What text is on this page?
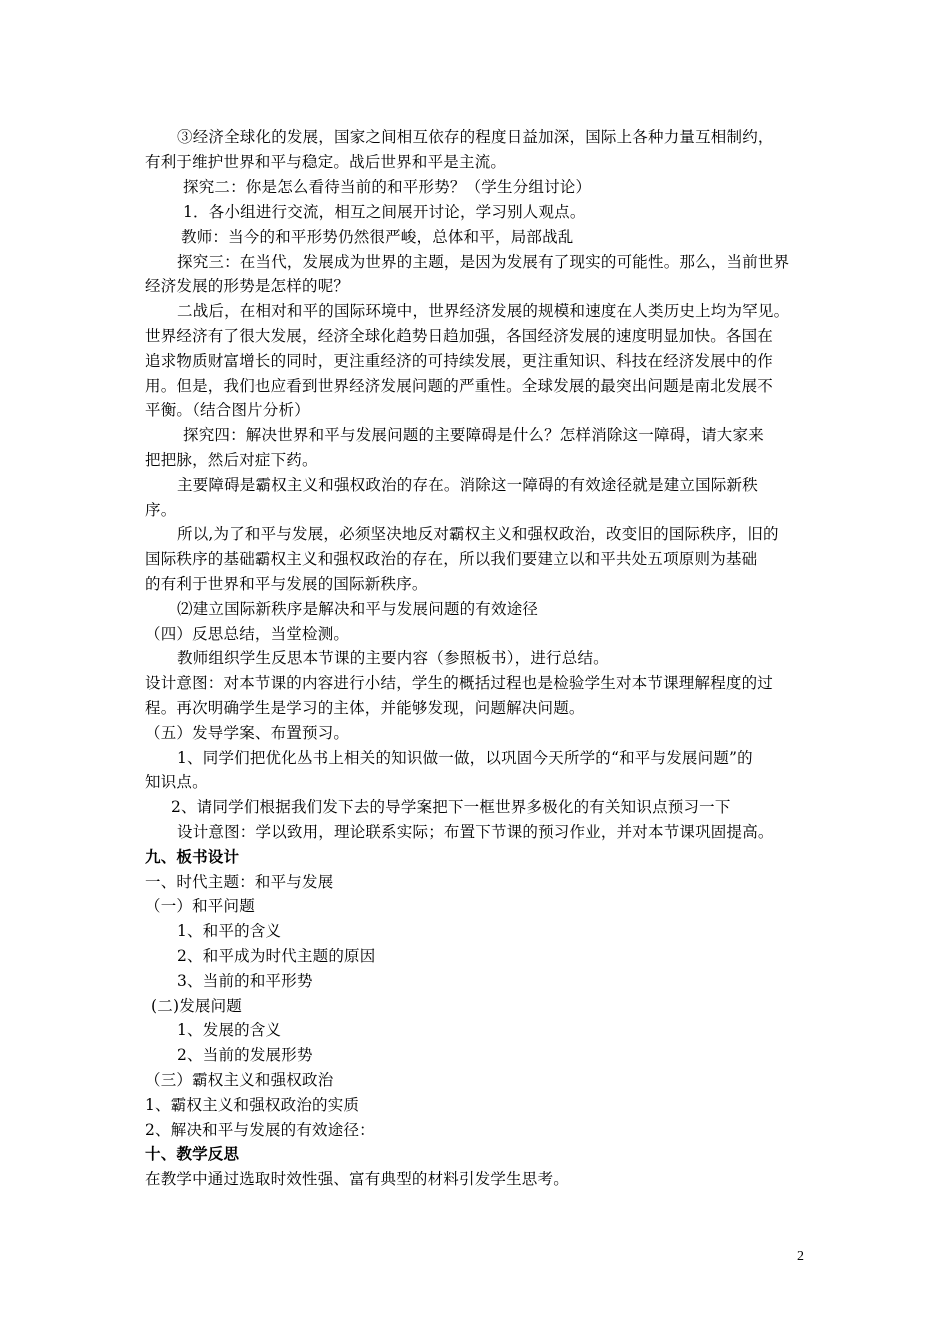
③经济全球化的发展，国家之间相互依存的程度日益加深，国际上各种力量互相制约，
有利于维护世界和平与稳定。战后世界和平是主流。
探究二：你是怎么看待当前的和平形势？（学生分组讨论）
1．各小组进行交流，相互之间展开讨论，学习别人观点。
教师：当今的和平形势仍然很严峻，总体和平，局部战乱
探究三：在当代，发展成为世界的主题，是因为发展有了现实的可能性。那么，当前世界
经济发展的形势是怎样的呢？
二战后，在相对和平的国际环境中，世界经济发展的规模和速度在人类历史上均为罕见。
世界经济有了很大发展，经济全球化趋势日趋加强，各国经济发展的速度明显加快。各国在
追求物质财富增长的同时，更注重经济的可持续发展，更注重知识、科技在经济发展中的作
用。但是，我们也应看到世界经济发展问题的严重性。全球发展的最突出问题是南北发展不
平衡。（结合图片分析）
探究四：解决世界和平与发展问题的主要障碍是什么？怎样消除这一障碍，请大家来
把把脉，然后对症下药。
主要障碍是霸权主义和强权政治的存在。消除这一障碍的有效途径就是建立国际新秩
序。
所以,为了和平与发展，必须坚决地反对霸权主义和强权政治，改变旧的国际秩序，旧的
国际秩序的基础霸权主义和强权政治的存在，所以我们要建立以和平共处五项原则为基础
的有利于世界和平与发展的国际新秩序。
⑵建立国际新秩序是解决和平与发展问题的有效途径
（四）反思总结，当堂检测。
教师组织学生反思本节课的主要内容（参照板书），进行总结。
设计意图：对本节课的内容进行小结，学生的概括过程也是检验学生对本节课理解程度的过
程。再次明确学生是学习的主体，并能够发现，问题解决问题。
（五）发导学案、布置预习。
1、同学们把优化丛书上相关的知识做一做，以巩固今天所学的“和平与发展问题”的
知识点。
2、请同学们根据我们发下去的导学案把下一框世界多极化的有关知识点预习一下
设计意图：学以致用，理论联系实际；布置下节课的预习作业，并对本节课巩固提高。
九、板书设计
一、时代主题：和平与发展
（一）和平问题
1、和平的含义
2、和平成为时代主题的原因
3、当前的和平形势
(二)发展问题
1、发展的含义
2、当前的发展形势
（三）霸权主义和强权政治
1、霸权主义和强权政治的实质
2、解决和平与发展的有效途径：
十、教学反思
在教学中通过选取时效性强、富有典型的材料引发学生思考。
2
